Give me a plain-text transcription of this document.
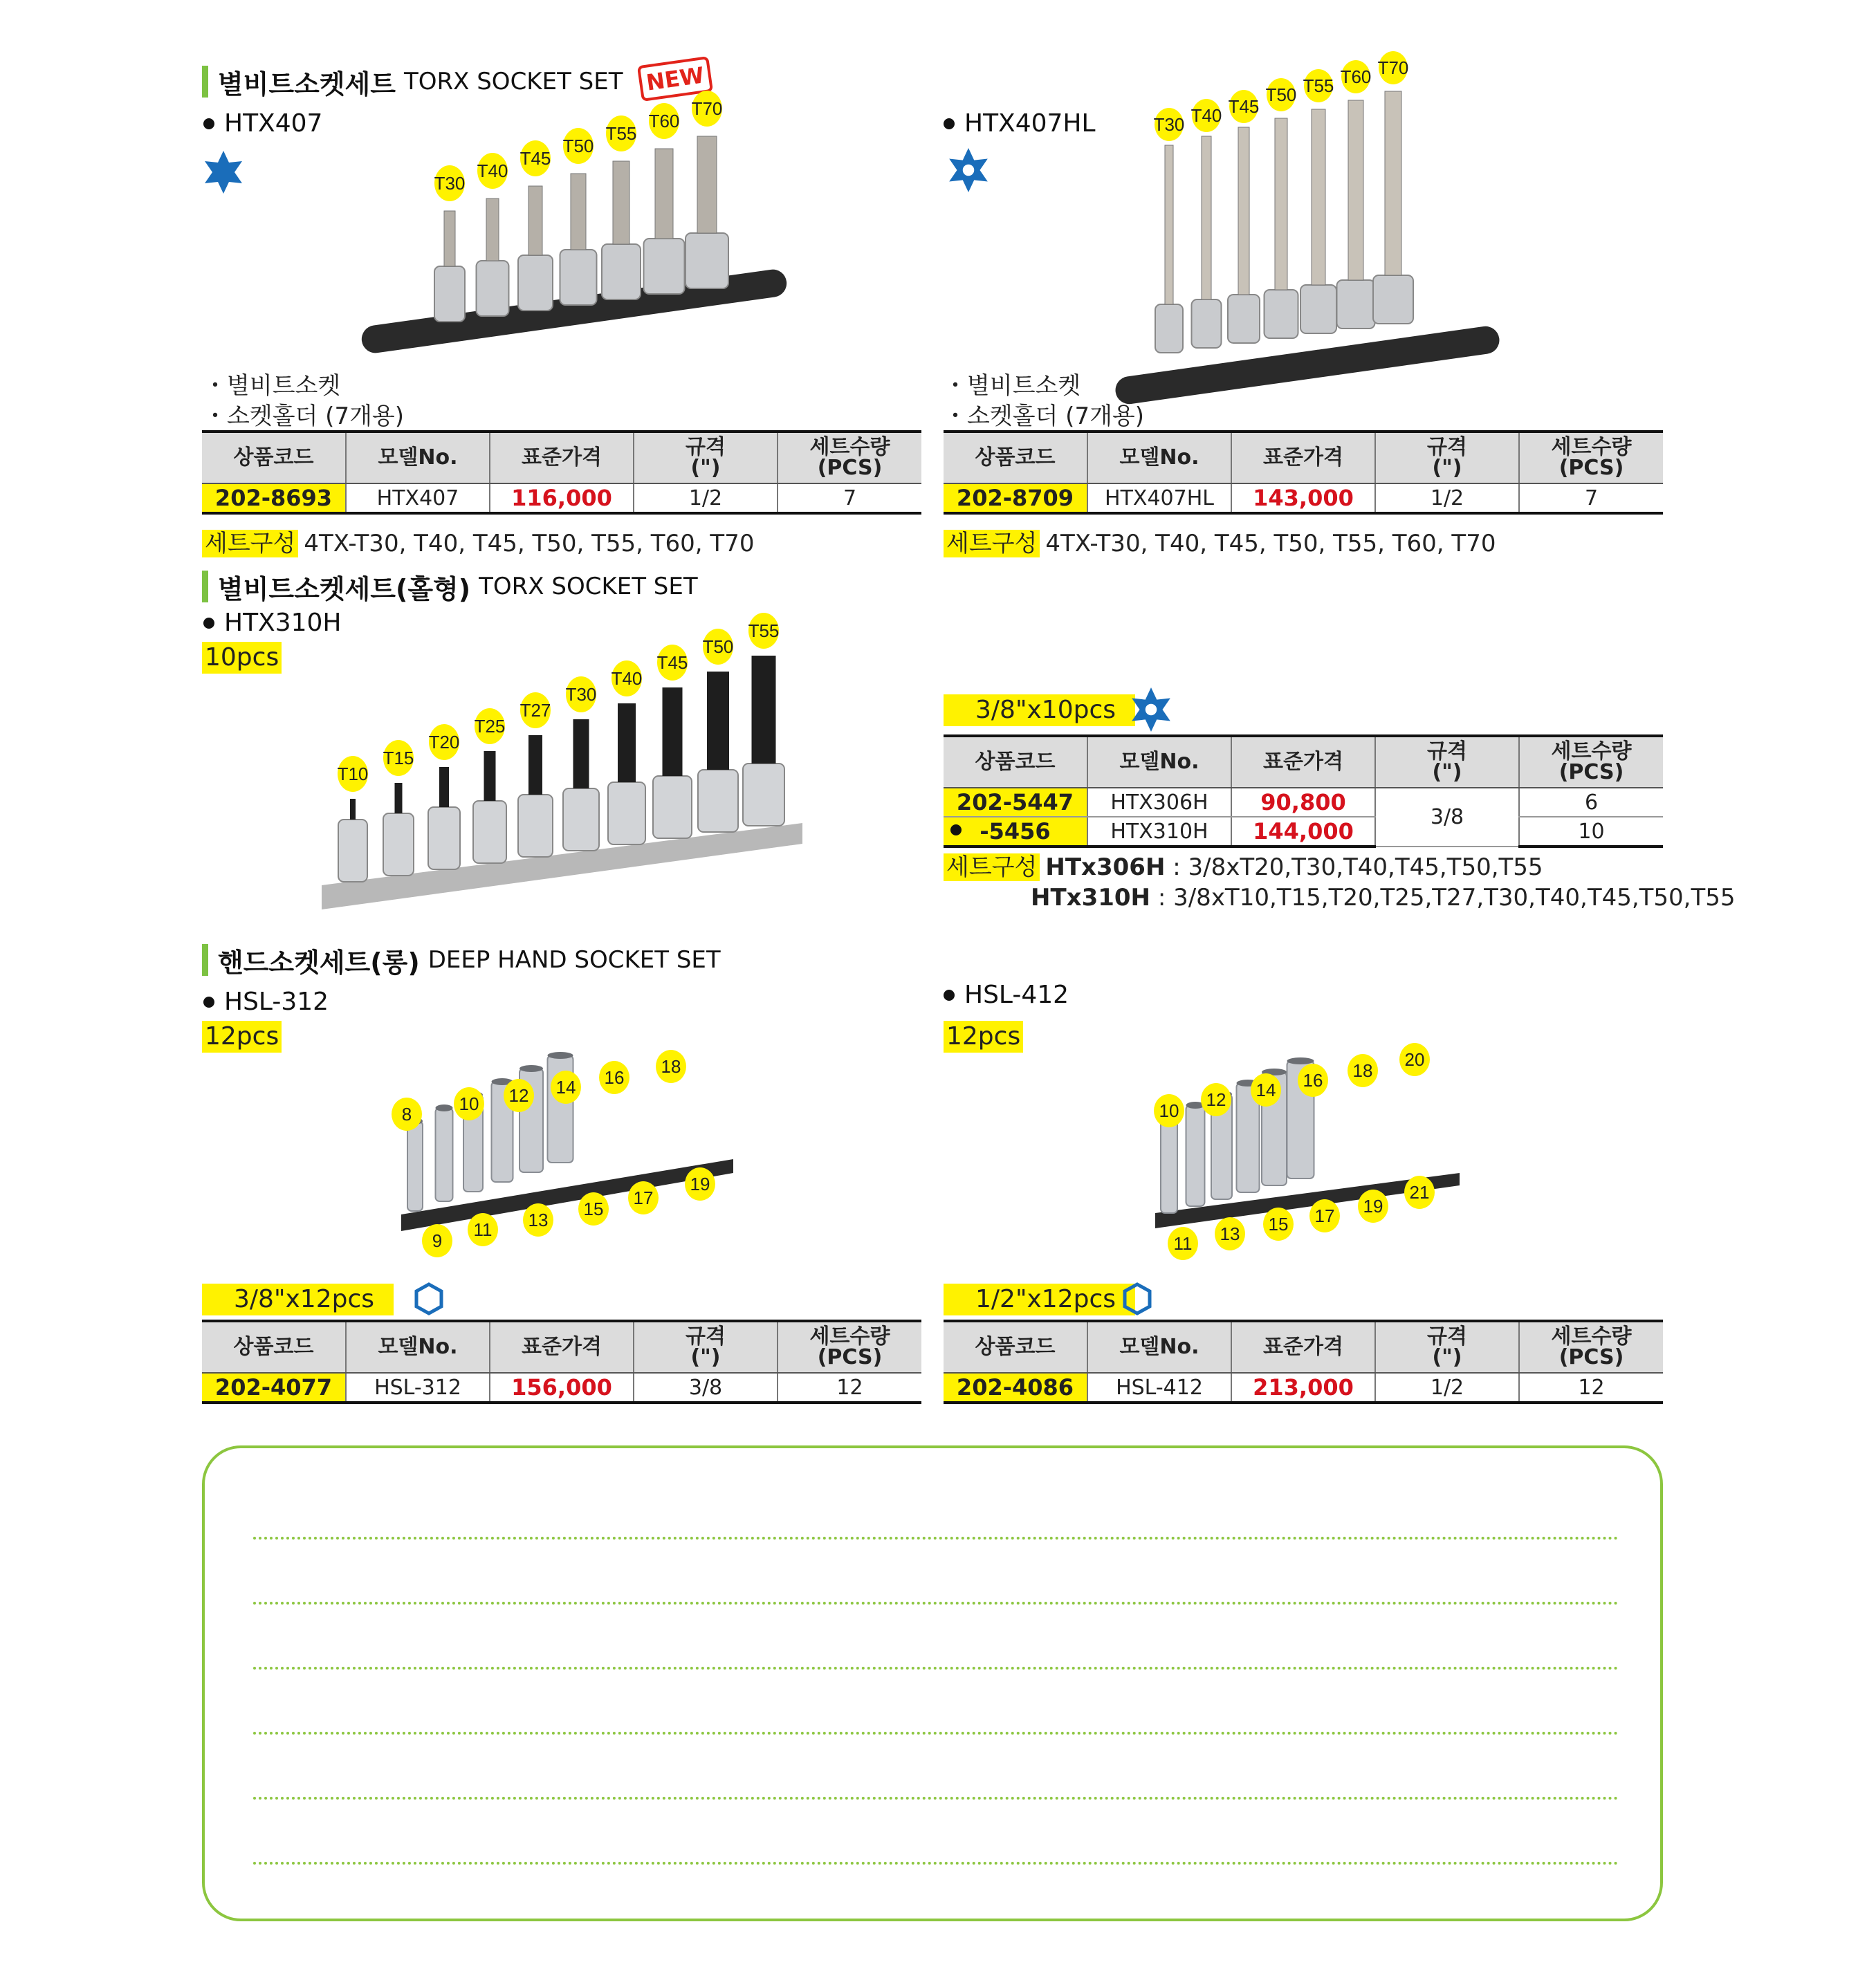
별비트소켓세트 TORX SOCKET SET NEW
HTX407
T30
T40
T45
T50
T55
T60
T70
・별비트소켓
・소켓홀더 (7개용)
상품코드	모델No.	표준가격	규격
(")	세트수량
(PCS)
202-8693	HTX407	116,000	1/2	7
세트구성 4TX-T30, T40, T45, T50, T55, T60, T70
HTX407HL	T30 T40 T45
T50 T55 T60 T70
・별비트소켓
・소켓홀더 (7개용)
상품코드	모델No.	표준가격	규격
(")	세트수량
(PCS)
202-8709	HTX407HL	143,000	1/2	7
세트구성 4TX-T30, T40, T45, T50, T55, T60, T70
별비트소켓세트(홀형) TORX SOCKET SET
HTX310H
10pcs
T10
T15
T20
T25
T27
T30
T40
T45
T50
T55
3/8"x10pcs
상품코드	모델No.	표준가격	규격
(")	세트수량
(PCS)
202-5447	HTX306H	90,800	3/8	6

-5456	HTX310H	144,000		10
세트구성 HTx306H : 3/8xT20,T30,T40,T45,T50,T55
HTx310H : 3/8xT10,T15,T20,T25,T27,T30,T40,T45,T50,T55
핸드소켓세트(롱) DEEP HAND SOCKET SET
HSL-312
12pcs
8
9
10
11
12
13
14
15
16
17
18
19
3/8"x12pcs
상품코드	모델No.	표준가격	규격
(")	세트수량
(PCS)
202-4077	HSL-312	156,000	3/8	12
HSL-412
12pcs
10
11
12
13
14
15
16
17
18
19
20
21
1/2"x12pcs
상품코드	모델No.	표준가격	규격
(")	세트수량
(PCS)
202-4086	HSL-412	213,000	1/2	12
